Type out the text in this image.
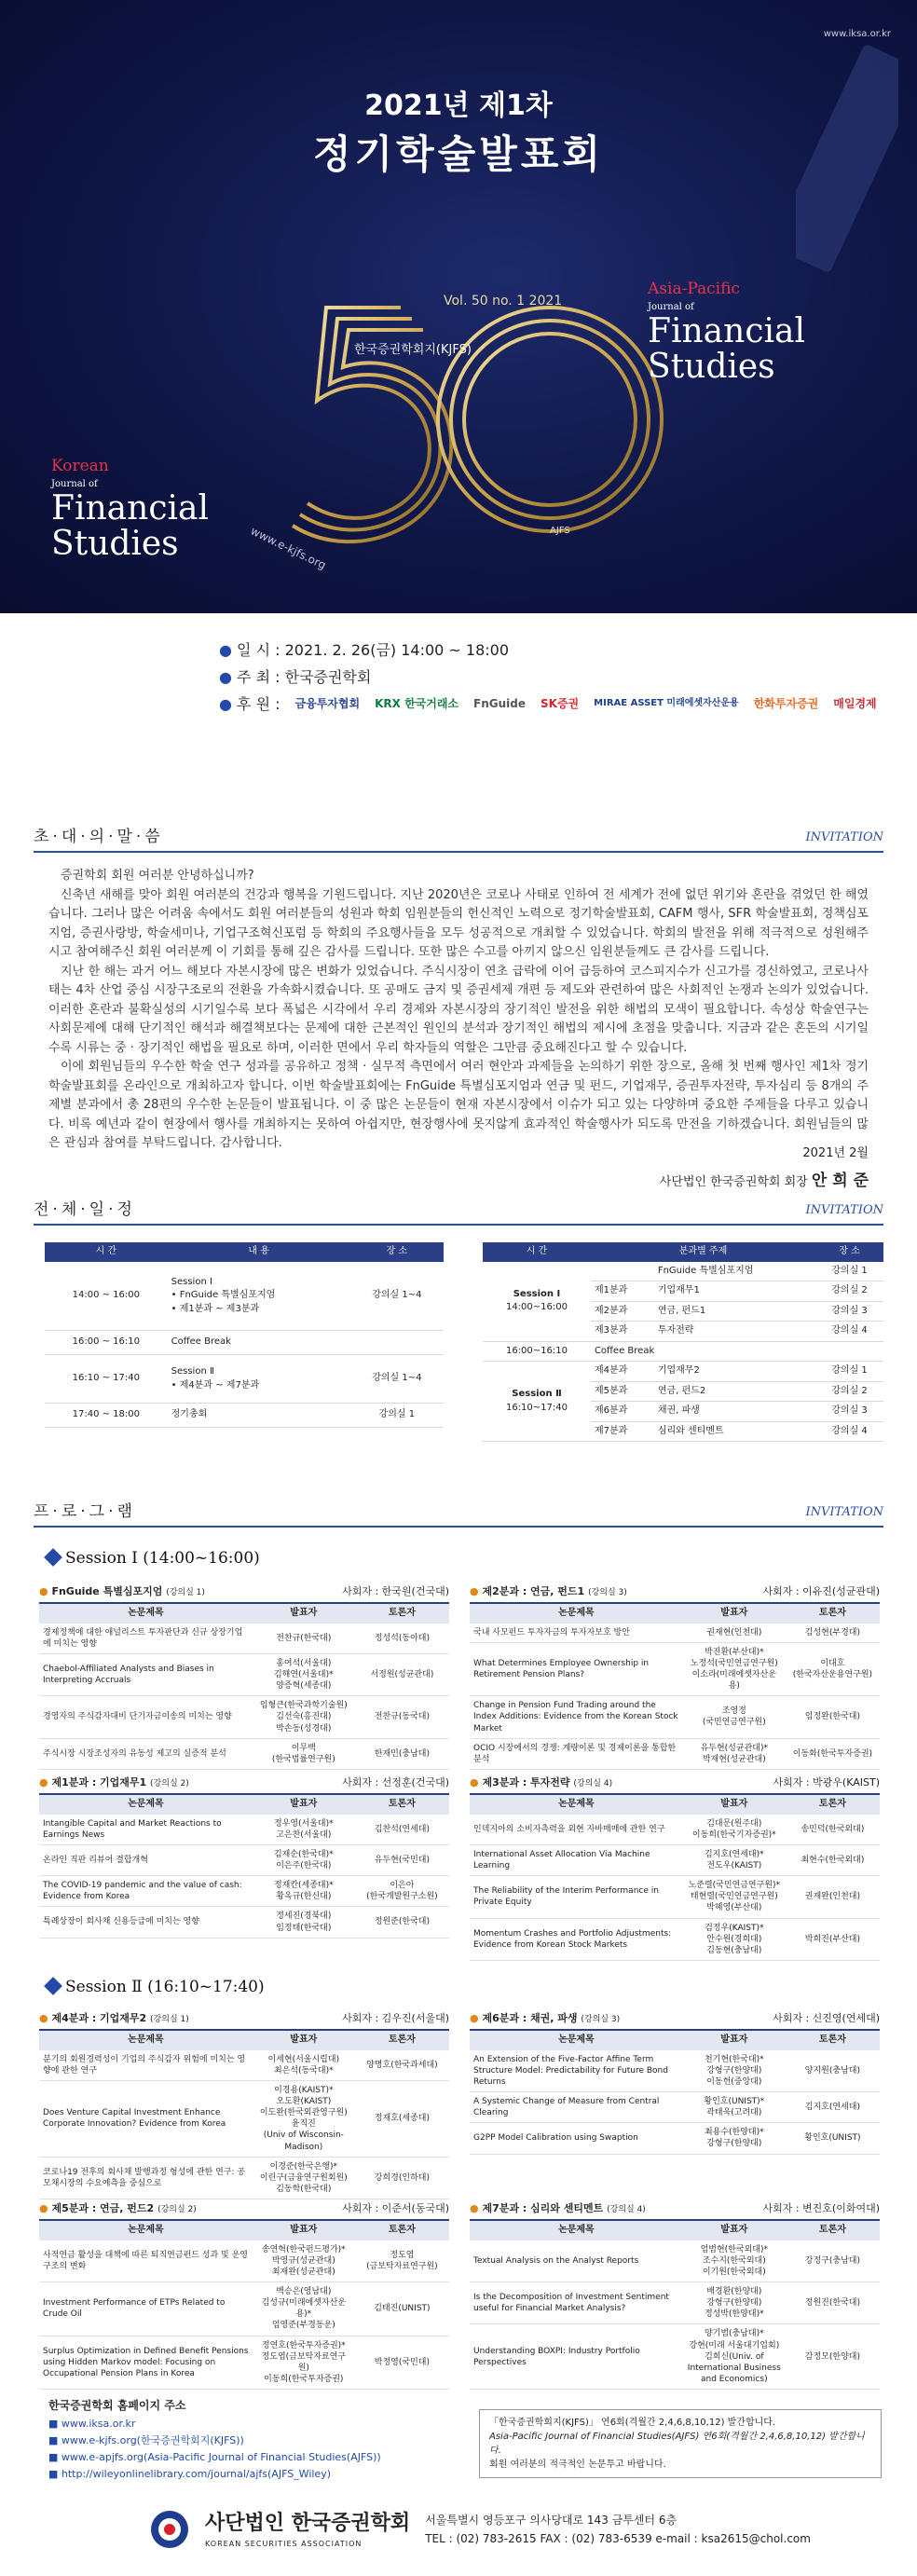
www.iksa.or.kr
2021년 제1차
정기학술발표회
Vol. 50 no. 1 2021
한국증권학회지(KJFS)
AJFS
www.e-kjfs.org
Korean
Journal of
Financial
Studies
Asia-Pacific
Journal of
Financial
Studies
● 일 시 : 2021. 2. 26(금) 14:00 ~ 18:00
● 주 최 : 한국증권학회
● 후 원 : 금융투자협회 KRX 한국거래소 FnGuide SK증권 MIRAE ASSET 미래에셋자산운용 한화투자증권 매일경제
초·대·의·말·씀	INVITATION

증권학회 회원 여러분 안녕하십니까?

신축년 새해를 맞아 회원 여러분의 건강과 행복을 기원드립니다. 지난 2020년은 코로나 사태로 인하여 전 세계가 전에 없던 위기와 혼란을 겪었던 한 해였습니다. 그러나 많은 어려움 속에서도 회원 여러분들의 성원과 학회 임원분들의 헌신적인 노력으로 정기학술발표회, CAFM 행사, SFR 학술발표회, 정책심포지엄, 증권사랑방, 학술세미나, 기업구조혁신포럼 등 학회의 주요행사들을 모두 성공적으로 개최할 수 있었습니다. 학회의 발전을 위해 적극적으로 성원해주시고 참여해주신 회원 여러분께 이 기회를 통해 깊은 감사를 드립니다. 또한 많은 수고를 아끼지 않으신 임원분들께도 큰 감사를 드립니다.

지난 한 해는 과거 어느 해보다 자본시장에 많은 변화가 있었습니다. 주식시장이 연초 급락에 이어 급등하여 코스피지수가 신고가를 경신하였고, 코로나사태는 4차 산업 중심 시장구조로의 전환을 가속화시켰습니다. 또 공매도 금지 및 증권세제 개편 등 제도와 관련하여 많은 사회적인 논쟁과 논의가 있었습니다. 이러한 혼란과 불확실성의 시기일수록 보다 폭넓은 시각에서 우리 경제와 자본시장의 장기적인 발전을 위한 해법의 모색이 필요합니다. 속성상 학술연구는 사회문제에 대해 단기적인 해석과 해결책보다는 문제에 대한 근본적인 원인의 분석과 장기적인 해법의 제시에 초점을 맞춥니다. 지금과 같은 혼돈의 시기일수록 시류는 중 · 장기적인 해법을 필요로 하며, 이러한 면에서 우리 학자들의 역할은 그만큼 중요해진다고 할 수 있습니다.

이에 회원님들의 우수한 학술 연구 성과를 공유하고 정책 · 실무적 측면에서 여러 현안과 과제들을 논의하기 위한 장으로, 올해 첫 번째 행사인 제1차 정기학술발표회를 온라인으로 개최하고자 합니다. 이번 학술발표회에는 FnGuide 특별심포지엄과 연금 및 펀드, 기업재무, 증권투자전략, 투자심리 등 8개의 주제별 분과에서 총 28편의 우수한 논문들이 발표됩니다. 이 중 많은 논문들이 현재 자본시장에서 이슈가 되고 있는 다양하며 중요한 주제들을 다루고 있습니다. 비록 예년과 같이 현장에서 행사를 개최하지는 못하여 아쉽지만, 현장행사에 못지않게 효과적인 학술행사가 되도록 만전을 기하겠습니다. 회원님들의 많은 관심과 참여를 부탁드립니다. 감사합니다.

2021년 2월
사단법인 한국증권학회 회장 안 희 준
전·체·일·정	INVITATION
시 간	내 용	장 소
14:00 ~ 16:00	Session Ⅰ
• FnGuide 특별심포지엄
• 제1분과 ~ 제3분과	강의실 1~4
16:00 ~ 16:10	Coffee Break	
16:10 ~ 17:40	Session Ⅱ
• 제4분과 ~ 제7분과	강의실 1~4
17:40 ~ 18:00	정기총회	강의실 1
시 간	분과별 주제		장 소
Session Ⅰ
14:00~16:00		FnGuide 특별심포지엄	강의실 1
	제1분과	기업재무1	강의실 2
	제2분과	연금, 펀드1	강의실 3
	제3분과	투자전략	강의실 4
16:00~16:10	Coffee Break		
Session Ⅱ
16:10~17:40	제4분과	기업재무2	강의실 1
	제5분과	연금, 펀드2	강의실 2
	제6분과	채권, 파생	강의실 3
	제7분과	심리와 센티멘트	강의실 4
프·로·그·램	INVITATION
Session Ⅰ (14:00~16:00)
Session Ⅱ (16:10~17:40)
● FnGuide 특별심포지엄 (강의실 1)	사회자 : 한국원(건국대)
논문제목	발표자	토론자
경제정책에 대한 애널리스트 투자판단과 신규 상장기업에 미치는 영향	전찬규(한국대)	정성석(동아대)
Chaebol-Affiliated Analysts and Biases in Interpreting Accruals	홍여석(서울대)
김해연(서울대)*
양증혁(세종대)	서정원(성균관대)
경영자의 주식감자대비 단기자금이송의 미치는 영향	임형큰(한국과학기술원)
김선숙(흥진대)
박손동(성경대)	전찬규(동국대)
주식시장 시장조성자의 유동성 제고의 실증적 분석	이무백
(한국법률연구원)	한재민(충남대)
● 제2분과 : 연금, 펀드1 (강의실 3)	사회자 : 이유진(성균관대)
논문제목	발표자	토론자
국내 사모펀드 투자자금의 투자자보호 방안	권재현(인천대)	김성현(부경대)
What Determines Employee Ownership in Retirement Pension Plans?	박진환(부산대)*
노정석(국민연금연구원)
이소라(미래에셋자산운용)	이대호
(한국자산운용연구원)
Change in Pension Fund Trading around the Index Additions: Evidence from the Korean Stock Market	조영정
(국민연금연구원)	임정완(한국대)
OCIO 시장에서의 경쟁: 계량이론 및 경제이론을 통합한 분석	유두현(성균관대)*
박재현(성균관대)	이동화(한국투자증권)
● 제1분과 : 기업재무1 (강의실 2)	사회자 : 선정훈(건국대)
논문제목	발표자	토론자
Intangible Capital and Market Reactions to Earnings News	정우영(서울대)*
고은찬(서울대)	김찬석(연세대)
온라인 직판 리뷰어 결합개혁	김재순(한국대)*
이은주(한국대)	유두현(국민대)
The COVID-19 pandemic and the value of cash: Evidence from Korea	정재칸(세종대)*
황옥규(한신대)	이은아
(한국개발원구소원)
특례상장이 회사채 신용등급에 미치는 영향	정세진(경북대)
임정태(한국대)	정원준(한국대)
● 제3분과 : 투자전략 (강의실 4)	사회자 : 박광우(KAIST)
논문제목	발표자	토론자
인덱지아의 소비자측력을 외현 자바매매에 관한 연구	김대문(원주대)
이동희(한국기자증권)*	송민덕(한국외대)
International Asset Allocation Via Machine Learning	김지호(연세대)*
전도우(KAIST)	최현수(한국외대)
The Reliability of the Interim Performance in Private Equity	노준렬(국민연금연구원)*
태현렬(국민연금연구원)
박혜영(부산대)	권재완(인천대)
Momentum Crashes and Portfolio Adjustments: Evidence from Korean Stock Markets	검정우(KAIST)*
안수원(경희대)
김동현(충남대)	박희진(부산대)
● 제4분과 : 기업재무2 (강의실 1)	사회자 : 김우진(서울대)
논문제목	발표자	토론자
분기의 회원경력성이 기업의 주식감자 위험에 미치는 영향에 관한 연구	이세현(서울시립대)
최은석(동국대)*	양명호(한국과세대)
Does Venture Capital Investment Enhance Corporate Innovation? Evidence from Korea	이경용(KAIST)*
오도환(KAIST)
이도완(한국외관영구원)
윤직진
(Univ of Wisconsin-Madison)	정재호(세종대)
코로나19 전후의 회사채 발행과정 형성에 관한 연구: 공모채시장의 수요예측을 중심으로	이경준(한국은행)*
이린구(금융연구원회원)
김동학(한국대)	강희경(인하대)
● 제6분과 : 채권, 파생 (강의실 3)	사회자 : 신진영(연세대)
논문제목	발표자	토론자
An Extension of the Five-Factor Affine Term Structure Model: Predictability for Future Bond Returns	천기현(한국대)*
강형구(한양대)
이동헌(중앙대)	양지원(충남대)
A Systemic Change of Measure from Central Clearing	황인호(UNIST)*
곽태욱(고려대)	김지호(연세대)
G2PP Model Calibration using Swaption	최용수(한양대)*
강형구(한양대)	황인호(UNIST)
● 제5분과 : 연금, 펀드2 (강의실 2)	사회자 : 이준서(동국대)
논문제목	발표자	토론자
사적연금 활성을 대책에 따른 퇴직연금펀드 성과 및 운영구조의 변화	송연혁(한국펀드평가)*
박영규(성균관대)
최재완(성균관대)	정도엽
(금보탁자료연구원)
Investment Performance of ETPs Related to Crude Oil	백승은(영남대)
김성규(미래에셋자산운용)*
엄영준(부경동운)	김태진(UNIST)
Surplus Optimization in Defined Benefit Pensions using Hidden Markov model: Focusing on Occupational Pension Plans in Korea	정연호(한국투자증권)*
정도엽(금보탁자료연구원)
이동희(한국투자증권)	박정영(국민대)
● 제7분과 : 심리와 센티멘트 (강의실 4)	사회자 : 변진호(이화여대)
논문제목	발표자	토론자
Textual Analysis on the Analyst Reports	엄범현(한국외대)*
조수지(한국외대)
이기원(한국외대)	강정구(충남대)
Is the Decomposition of Investment Sentiment useful for Financial Market Analysis?	배경환(한양대)
강형구(한양대)
정성박(한양대)*	정원진(한국대)
Understanding BOXPI: Industry Portfolio Perspectives	양기범(충남대)*
강현(미래 서울대기업회)
김희신(Univ. of International Business and Economics)	감정모(한양대)
한국증권학회 홈페이지 주소
■ www.iksa.or.kr
■ www.e-kjfs.org(한국증권학회지(KJFS))
■ www.e-apjfs.org(Asia-Pacific Journal of Financial Studies(AJFS))
■ http://wileyonlinelibrary.com/journal/ajfs(AJFS_Wiley)
「한국증권학회지(KJFS)」 연6회(격월간 2,4,6,8,10,12) 발간합니다.
Asia-Pacific Journal of Financial Studies(AJFS) 연6회(격월간 2,4,6,8,10,12) 발간합니다.
회원 여러분의 적극적인 논문투고 바랍니다.
사단법인 한국증권학회
KOREAN SECURITIES ASSOCIATION
서울특별시 영등포구 의사당대로 143 금투센터 6층
TEL : (02) 783-2615 FAX : (02) 783-6539 e-mail : ksa2615@chol.com
